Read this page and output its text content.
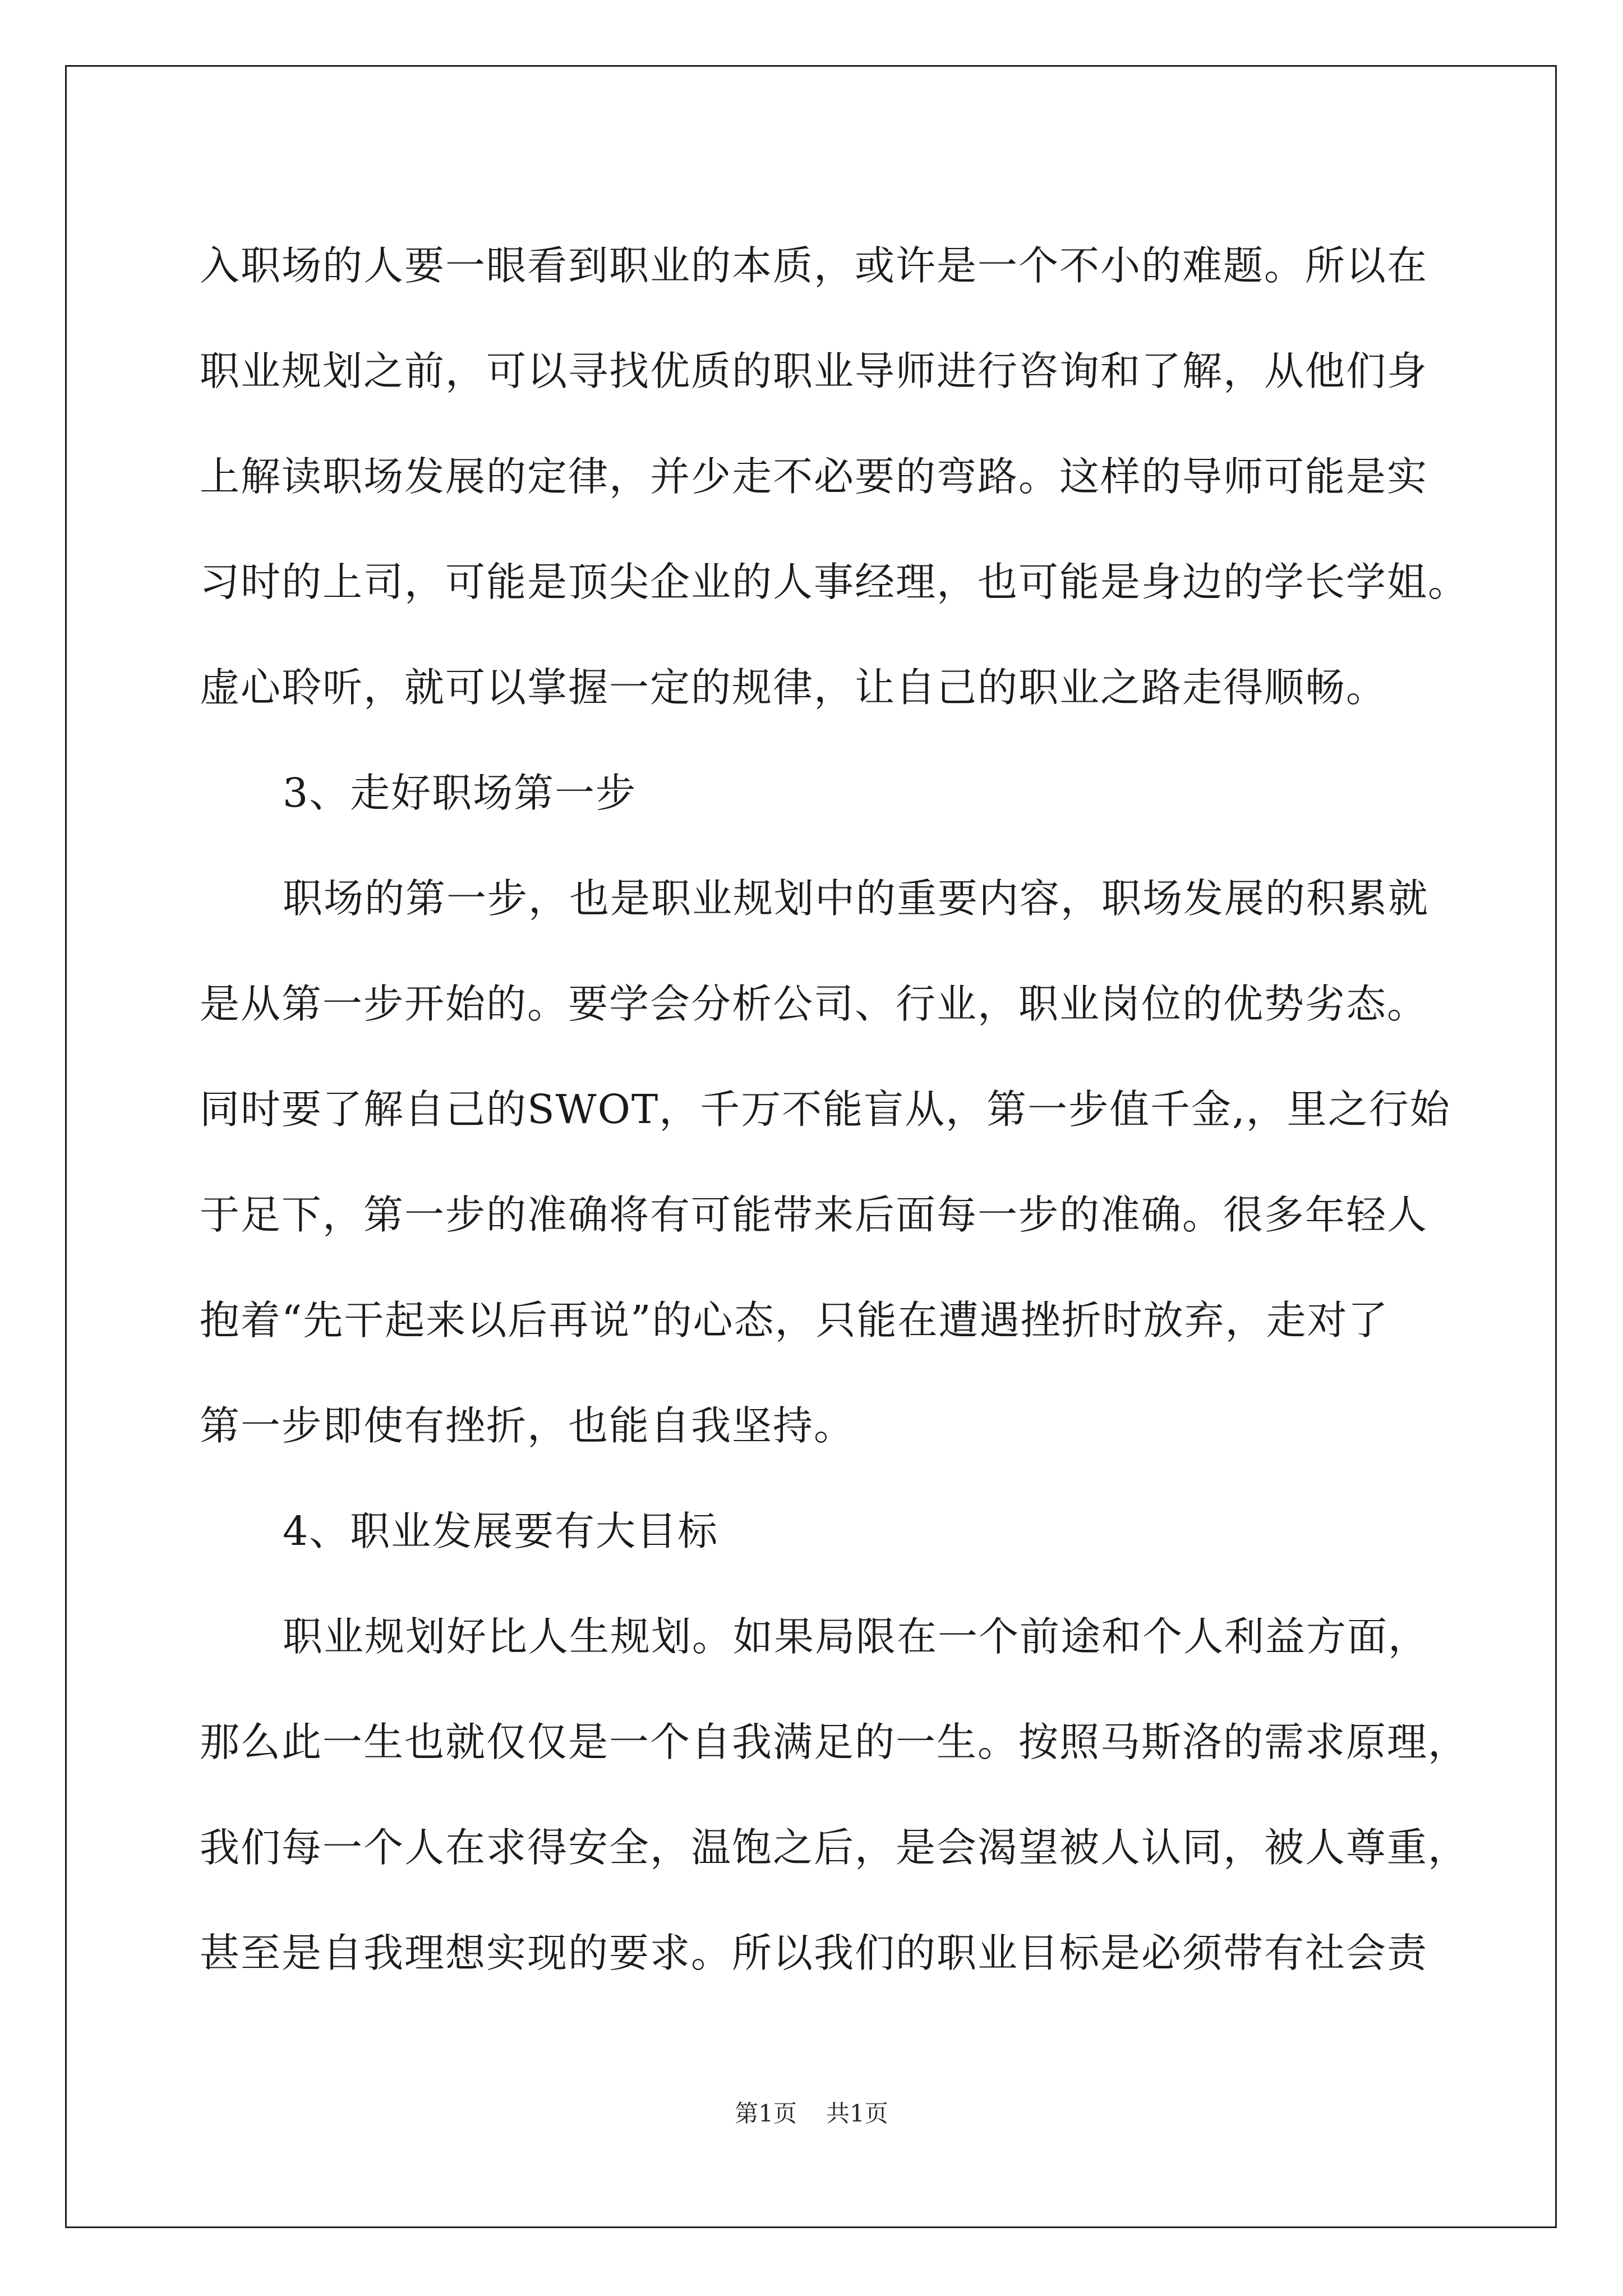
入职场的人要一眼看到职业的本质，或许是一个不小的难题。所以在
职业规划之前，可以寻找优质的职业导师进行咨询和了解，从他们身
上解读职场发展的定律，并少走不必要的弯路。这样的导师可能是实
习时的上司，可能是顶尖企业的人事经理，也可能是身边的学长学姐。
虚心聆听，就可以掌握一定的规律，让自己的职业之路走得顺畅。
3、走好职场第一步
职场的第一步，也是职业规划中的重要内容，职场发展的积累就
是从第一步开始的。要学会分析公司、行业，职业岗位的优势劣态。
同时要了解自己的SWOT，千万不能盲从，第一步值千金,，里之行始
于足下，第一步的准确将有可能带来后面每一步的准确。很多年轻人
抱着“先干起来以后再说”的心态，只能在遭遇挫折时放弃，走对了
第一步即使有挫折，也能自我坚持。
4、职业发展要有大目标
职业规划好比人生规划。如果局限在一个前途和个人利益方面，
那么此一生也就仅仅是一个自我满足的一生。按照马斯洛的需求原理，
我们每一个人在求得安全，温饱之后，是会渴望被人认同，被人尊重，
甚至是自我理想实现的要求。所以我们的职业目标是必须带有社会责
第1页 共1页
